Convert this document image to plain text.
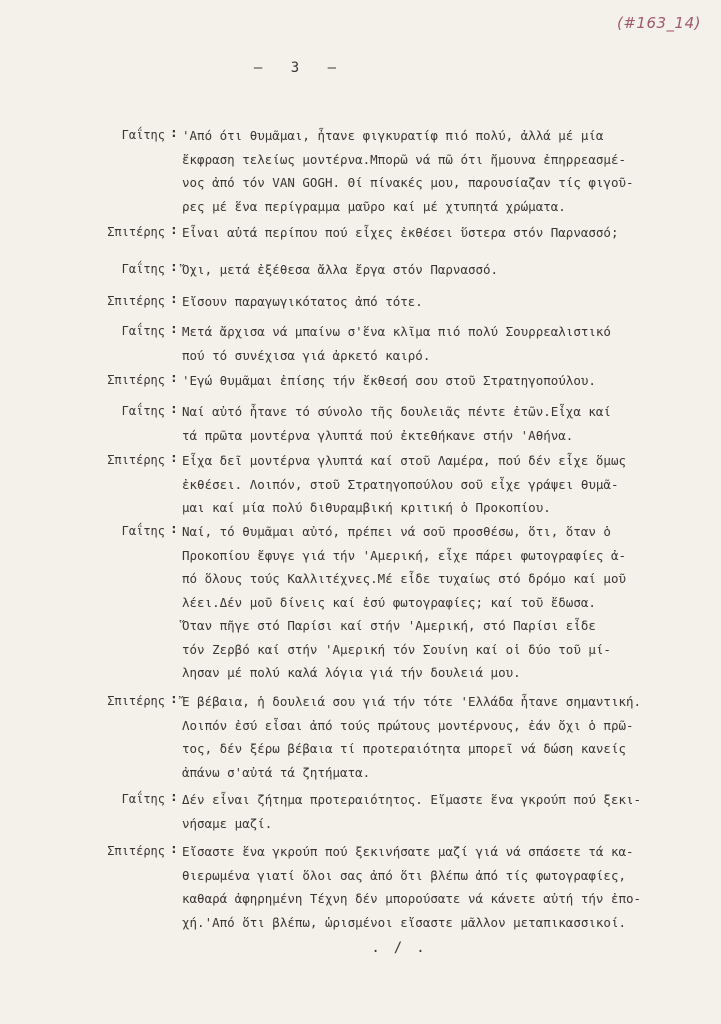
(#163_14)
– 3 –
Γαΐτης : 'Από ότι θυμᾶμαι, ἦτανε φιγκυρατίφ πιό πολύ, ἀλλά μέ μία
ἔκφραση τελείως μοντέρνα.Μπορῶ νά πῶ ότι ἤμουνα ἐπηρρεασμέ-
νος ἀπό τόν VAN GOGH. Θί πίνακές μου, παρουσίαζαν τίς φιγοῦ-
ρες μέ ἕνα περίγραμμα μαῦρο καί μέ χτυπητά χρώματα.
Σπιτέρης : Εἶναι αὐτά περίπου πού εἶχες ἐκθέσει ὕστερα στόν Παρνασσό;
Γαΐτης : Ὄχι, μετά ἐξέθεσα ἄλλα ἔργα στόν Παρνασσό.
Σπιτέρης : Εἴσουν παραγωγικότατος ἀπό τότε.
Γαΐτης : Μετά ἄρχισα νά μπαίνω σ'ἕνα κλῖμα πιό πολύ Σουρρεαλιστικό
πού τό συνέχισα γιά ἀρκετό καιρό.
Σπιτέρης : 'Εγώ θυμᾶμαι ἐπίσης τήν ἔκθεσή σου στοῦ Στρατηγοπούλου.
Γαΐτης : Ναί αὐτό ἦτανε τό σύνολο τῆς δουλειᾶς πέντε ἐτῶν.Εἶχα καί
τά πρῶτα μοντέρνα γλυπτά πού ἐκτεθήκανε στήν 'Αθήνα.
Σπιτέρης : Εἶχα δεῖ μοντέρνα γλυπτά καί στοῦ Λαμέρα, πού δέν εἶχε ὅμως
ἐκθέσει. Λοιπόν, στοῦ Στρατηγοπούλου σοῦ εἶχε γράψει θυμᾶ-
μαι καί μία πολύ διθυραμβική κριτική ὁ Προκοπίου.
Γαΐτης : Ναί, τό θυμᾶμαι αὐτό, πρέπει νά σοῦ προσθέσω, ὅτι, ὅταν ὁ
Προκοπίου ἔφυγε γιά τήν 'Αμερική, εἶχε πάρει φωτογραφίες ἀ-
πό ὅλους τούς Καλλιτέχνες.Μέ εἶδε τυχαίως στό δρόμο καί μοῦ
λέει.Δέν μοῦ δίνεις καί ἐσύ φωτογραφίες; καί τοῦ ἔδωσα.
Ὅταν πῆγε στό Παρίσι καί στήν 'Αμερική, στό Παρίσι εἶδε
τόν Ζερβό καί στήν 'Αμερική τόν Σουίνη καί οἱ δύο τοῦ μί-
λησαν μέ πολύ καλά λόγια γιά τήν δουλειά μου.
Σπιτέρης : Ἔ βέβαια, ἡ δουλειά σου γιά τήν τότε 'Ελλάδα ἦτανε σημαντική.
Λοιπόν ἐσύ εἶσαι ἀπό τούς πρώτους μοντέρνους, ἐάν ὄχι ὁ πρῶ-
τος, δέν ξέρω βέβαια τί προτεραιότητα μπορεῖ νά δώση κανείς
ἀπάνω σ'αὐτά τά ζητήματα.
Γαΐτης : Δέν εἶναι ζήτημα προτεραιότητος. Εἴμαστε ἕνα γκρούπ πού ξεκι-
νήσαμε μαζί.
Σπιτέρης : Εἴσαστε ἕνα γκρούπ πού ξεκινήσατε μαζί γιά νά σπάσετε τά κα-
θιερωμένα γιατί ὅλοι σας ἀπό ὅτι βλέπω ἀπό τίς φωτογραφίες,
καθαρά ἀφηρημένη Τέχνη δέν μπορούσατε νά κάνετε αὐτή τήν ἐπο-
χή.'Από ὅτι βλέπω, ὡρισμένοι εἴσαστε μᾶλλον μεταπικασσικοί.
./.
